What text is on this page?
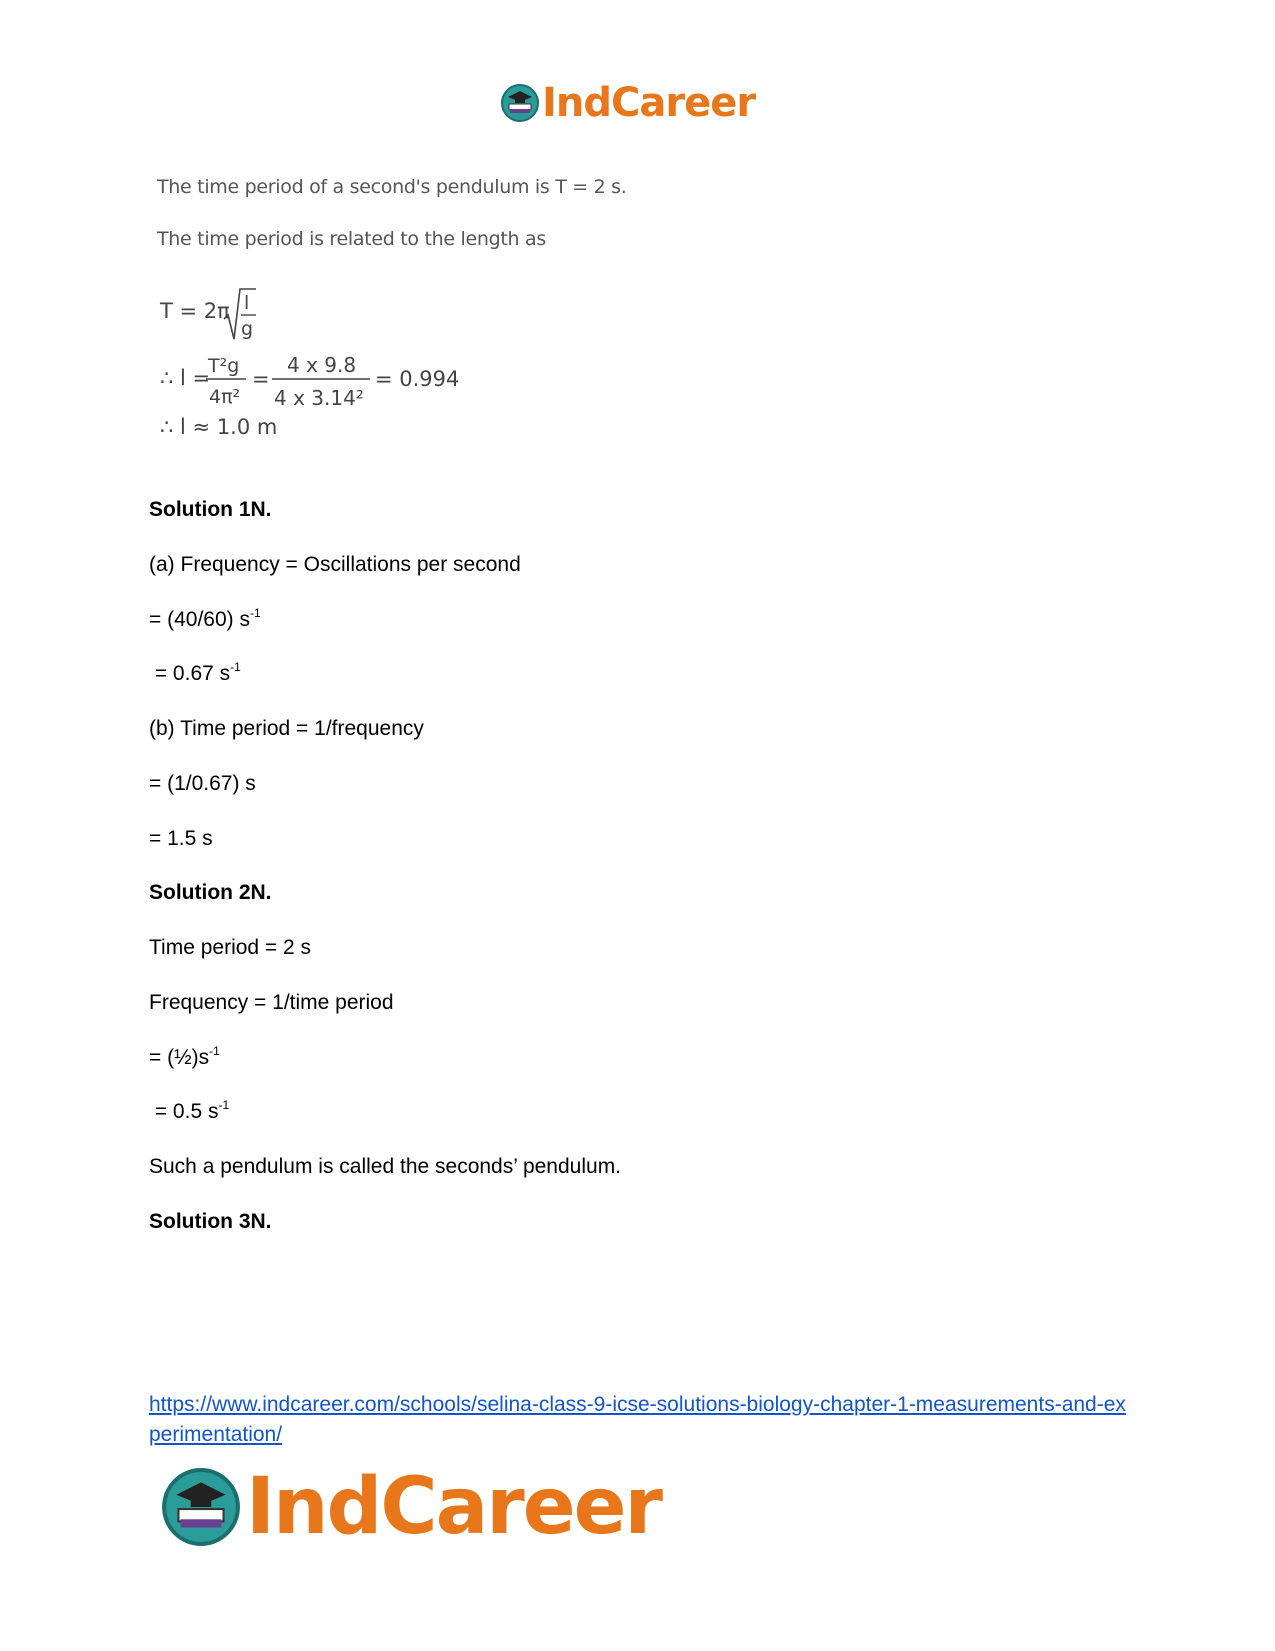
IndCareer
The time period of a second's pendulum is T = 2 s.
The time period is related to the length as
T = 2π l
g
∴ l =
T²g
4π²
=
4 x 9.8
4 x 3.14²
= 0.994
∴ l ≈ 1.0 m
Solution 1N.
(a) Frequency = Oscillations per second
= (40/60) $s^{-1}$
= 0.67 $s^{-1}$
(b) Time period = 1/frequency
= (1/0.67) s
= 1.5 s
Solution 2N.
Time period = 2 s
Frequency = 1/time period
= $(\frac{1}{2})s^{-1}$
= 0.5 $s^{-1}$
Such a pendulum is called the seconds’ pendulum.
Solution 3N.
https://www.indcareer.com/schools/selina-class-9-icse-solutions-biology-chapter-1-measurements-and-experimentation/
IndCareer
